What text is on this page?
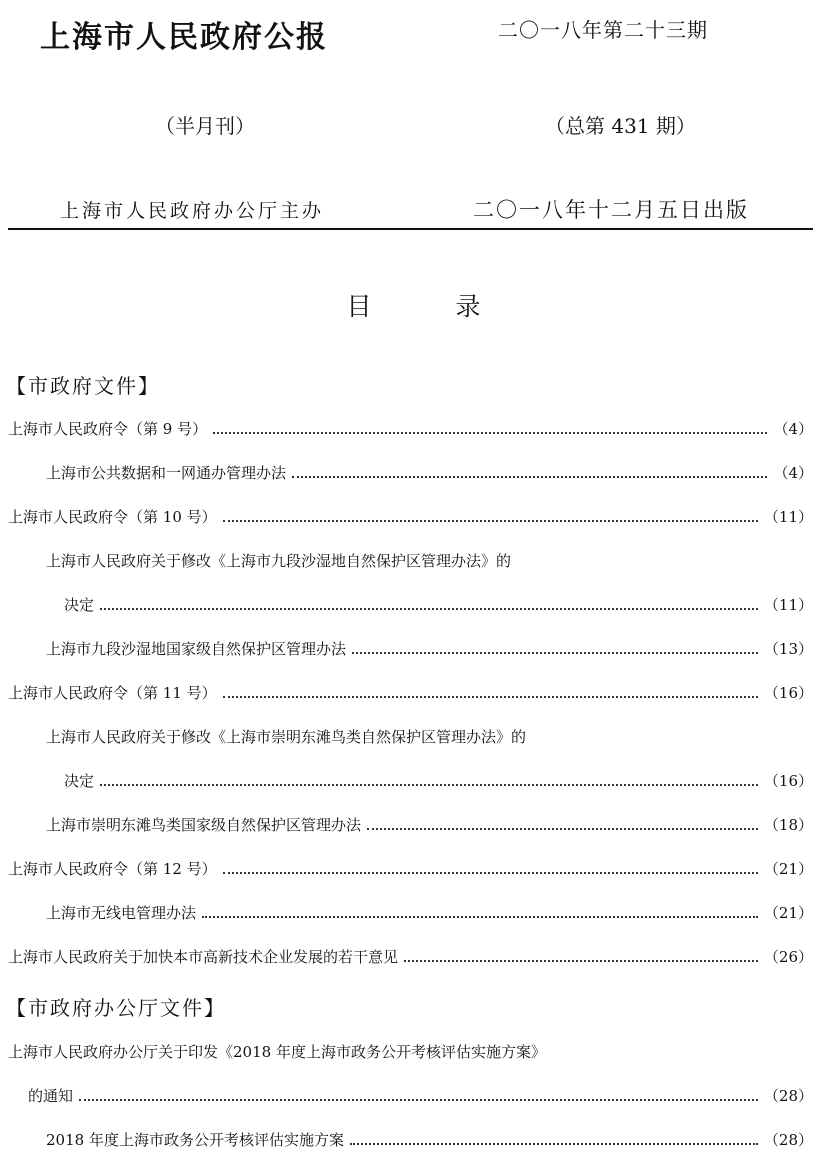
上海市人民政府公报	二〇一八年第二十三期
（半月刊）	（总第 431 期）
上海市人民政府办公厅主办	二〇一八年十二月五日出版
目	录
【市政府文件】
上海市人民政府令（第 9 号）	（4）
上海市公共数据和一网通办管理办法	（4）
上海市人民政府令（第 10 号）	（11）
上海市人民政府关于修改《上海市九段沙湿地自然保护区管理办法》的
决定	（11）
上海市九段沙湿地国家级自然保护区管理办法	（13）
上海市人民政府令（第 11 号）	（16）
上海市人民政府关于修改《上海市崇明东滩鸟类自然保护区管理办法》的
决定	（16）
上海市崇明东滩鸟类国家级自然保护区管理办法	（18）
上海市人民政府令（第 12 号）	（21）
上海市无线电管理办法	（21）
上海市人民政府关于加快本市高新技术企业发展的若干意见	（26）
【市政府办公厅文件】
上海市人民政府办公厅关于印发《2018 年度上海市政务公开考核评估实施方案》
的通知	（28）
2018 年度上海市政务公开考核评估实施方案	（28）
